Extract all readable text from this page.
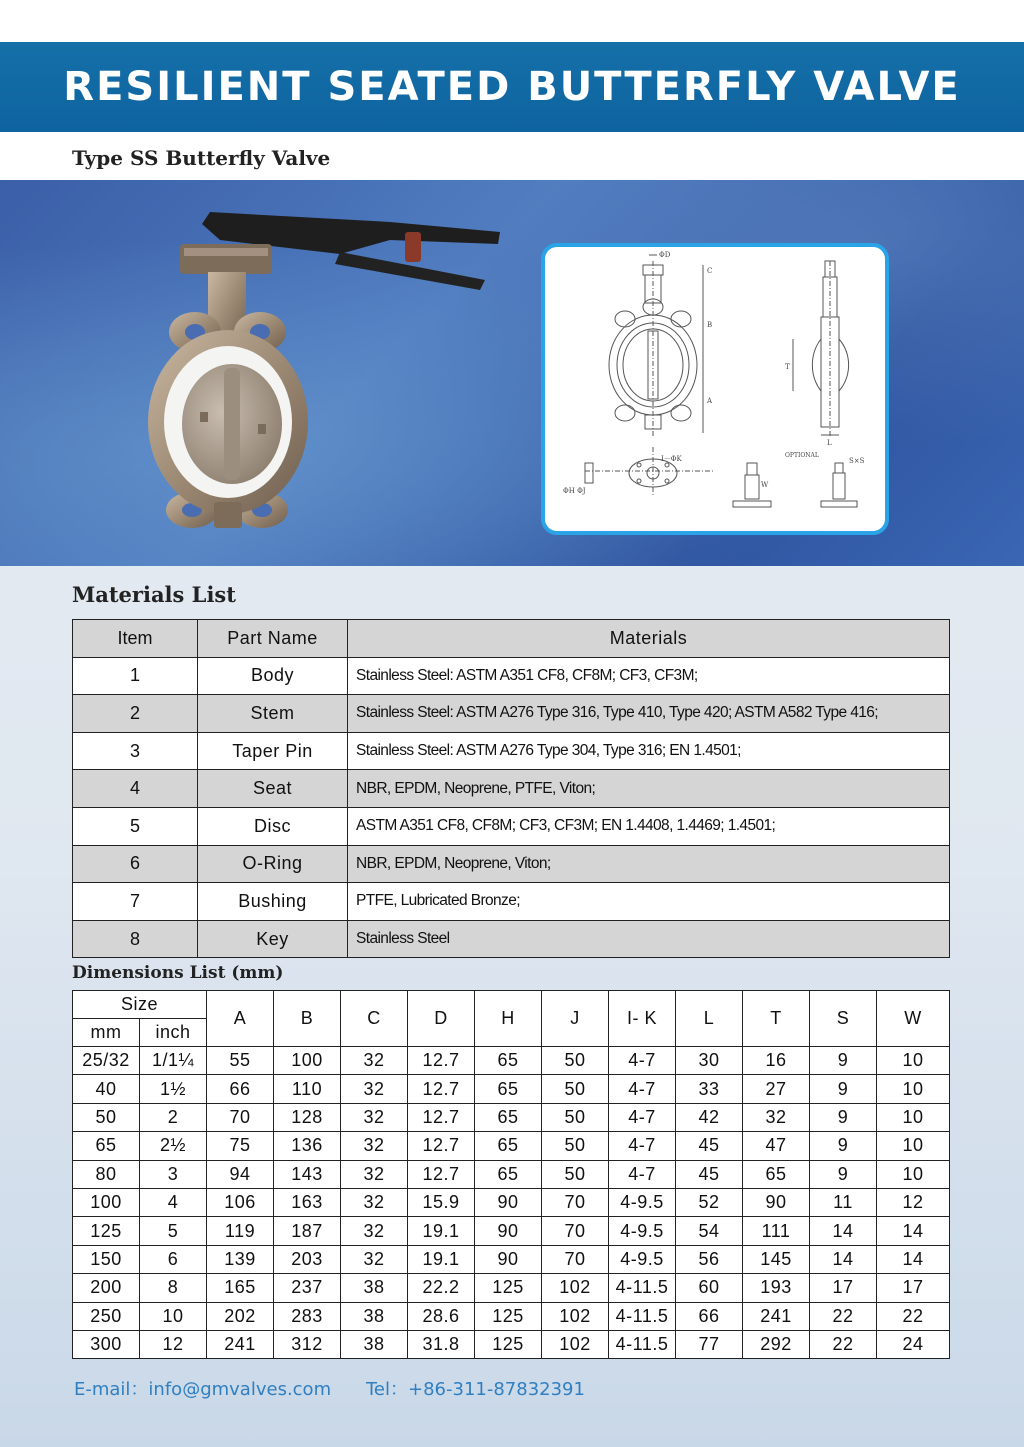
RESILIENT SEATED BUTTERFLY VALVE
Type SS Butterfly Valve
ΦD
C
B
A
T
L
I－ΦK
ΦH ΦJ
OPTIONAL
S×S
W
Materials List
Item	Part Name	Materials
1	Body	Stainless Steel: ASTM A351 CF8, CF8M; CF3, CF3M;
2	Stem	Stainless Steel: ASTM A276 Type 316, Type 410, Type 420; ASTM A582 Type 416;
3	Taper Pin	Stainless Steel: ASTM A276 Type 304, Type 316; EN 1.4501;
4	Seat	NBR, EPDM, Neoprene, PTFE, Viton;
5	Disc	ASTM A351 CF8, CF8M; CF3, CF3M; EN 1.4408, 1.4469; 1.4501;
6	O-Ring	NBR, EPDM, Neoprene, Viton;
7	Bushing	PTFE, Lubricated Bronze;
8	Key	Stainless Steel
Dimensions List (mm)
Size		A	B	C	D	H	J	I- K	L	T	S	W
mm	inch											
25/32	1/1¼	55	100	32	12.7	65	50	4-7	30	16	9	10
40	1½	66	110	32	12.7	65	50	4-7	33	27	9	10
50	2	70	128	32	12.7	65	50	4-7	42	32	9	10
65	2½	75	136	32	12.7	65	50	4-7	45	47	9	10
80	3	94	143	32	12.7	65	50	4-7	45	65	9	10
100	4	106	163	32	15.9	90	70	4-9.5	52	90	11	12
125	5	119	187	32	19.1	90	70	4-9.5	54	111	14	14
150	6	139	203	32	19.1	90	70	4-9.5	56	145	14	14
200	8	165	237	38	22.2	125	102	4-11.5	60	193	17	17
250	10	202	283	38	28.6	125	102	4-11.5	66	241	22	22
300	12	241	312	38	31.8	125	102	4-11.5	77	292	22	24
E-mail：info@gmvalves.com Tel：+86-311-87832391
